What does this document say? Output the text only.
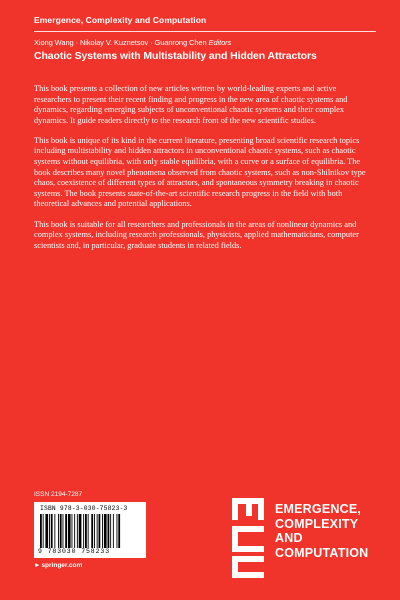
Emergence, Complexity and Computation
Xiong Wang · Nikolay V. Kuznetsov · Guanrong Chen Editors
Chaotic Systems with Multistability and Hidden Attractors

This book presents a collection of new articles written by world-leading experts and active researchers to present their recent finding and progress in the new area of chaotic systems and dynamics, regarding emerging subjects of unconventional chaotic systems and their complex dynamics. It guide readers directly to the research front of the new scientific studies.

This book is unique of its kind in the current literature, presenting broad scientific research topics including multistability and hidden attractors in unconventional chaotic systems, such as chaotic systems without equilibria, with only stable equilibria, with a curve or a surface of equilibria. The book describes many novel phenomena observed from chaotic systems, such as non-Shilnikov type chaos, coexistence of different types of attractors, and spontaneous symmetry breaking in chaotic systems. The book presents state-of-the-art scientific research progress in the field with both theoretical advances and potential applications.

This book is suitable for all researchers and professionals in the areas of nonlinear dynamics and complex systems, including research professionals, physicists, applied mathematicians, computer scientists and, in particular, graduate students in related fields.

ISSN 2194-7287
ISBN 978-3-030-75823-3
9 783030 758233
►springer.com
EMERGENCE,
COMPLEXITY
AND
COMPUTATION
